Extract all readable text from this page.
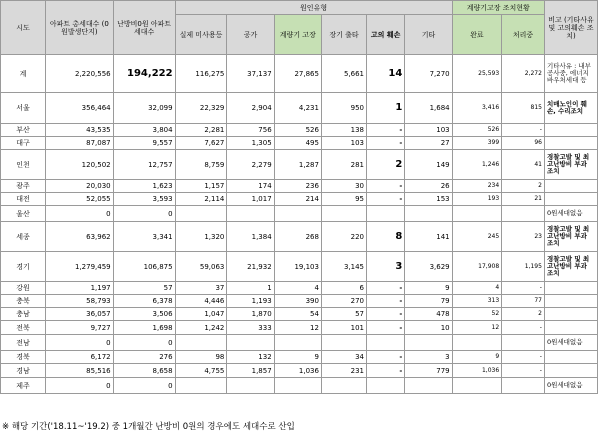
시도	아파트 총세대수 (0원발생단지)	난방비0원 아파트 세대수	원인유형						계량기고장 조치현황		비고 (기타사유 및 고의훼손 조치)
			실제 미사용등	공가	계량기 고장	장기 출타	고의 훼손	기타	완료	처리중	
계	2,220,556	194,222	116,275	37,137	27,865	5,661	14	7,270	25,593	2,272	기타사유 : 내부공사중, 에너지바우처세대 등
서울	356,464	32,099	22,329	2,904	4,231	950	1	1,684	3,416	815	치매노인이 훼손, 수리조치
부산	43,535	3,804	2,281	756	526	138	-	103	526	-	
대구	87,087	9,557	7,627	1,305	495	103	-	27	399	96	
인천	120,502	12,757	8,759	2,279	1,287	281	2	149	1,246	41	경찰고발 및 최고난방비 부과 조치
광주	20,030	1,623	1,157	174	236	30	-	26	234	2	
대전	52,055	3,593	2,114	1,017	214	95	-	153	193	21	
울산	0	0									0원세대없음
세종	63,962	3,341	1,320	1,384	268	220	8	141	245	23	경찰고발 및 최고난방비 부과 조치
경기	1,279,459	106,875	59,063	21,932	19,103	3,145	3	3,629	17,908	1,195	경찰고발 및 최고난방비 부과 조치
강원	1,197	57	37	1	4	6	-	9	4	-	
충북	58,793	6,378	4,446	1,193	390	270	-	79	313	77	
충남	36,057	3,506	1,047	1,870	54	57	-	478	52	2	
전북	9,727	1,698	1,242	333	12	101	-	10	12	-	
전남	0	0									0원세대없음
경북	6,172	276	98	132	9	34	-	3	9	-	
경남	85,516	8,658	4,755	1,857	1,036	231	-	779	1,036	-	
제주	0	0									0원세대없음
※ 해당 기간('18.11~'19.2) 중 1개월간 난방비 0원의 경우에도 세대수로 산입
